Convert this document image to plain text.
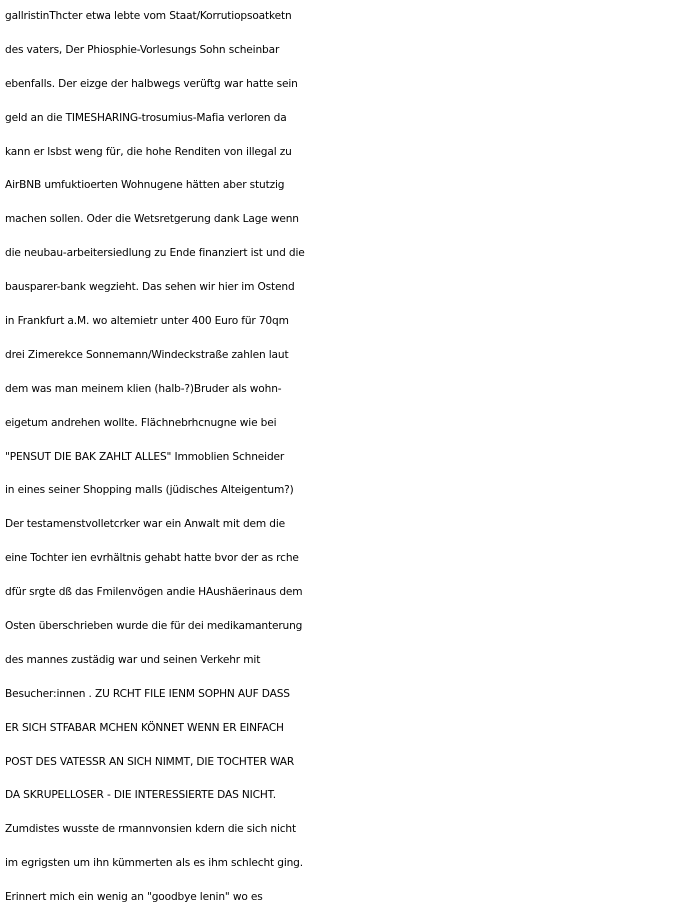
gallristinThcter etwa lebte vom Staat/Korrutiopsoatketn
des vaters, Der Phiosphie-Vorlesungs Sohn scheinbar
ebenfalls. Der eizge der halbwegs verüftg war hatte sein
geld an die TIMESHARING-trosumius-Mafia verloren da
kann er lsbst weng für, die hohe Renditen von illegal zu
AirBNB umfuktioerten Wohnugene hätten aber stutzig
machen sollen. Oder die Wetsretgerung dank Lage wenn
die neubau-arbeitersiedlung zu Ende finanziert ist und die
bausparer-bank wegzieht. Das sehen wir hier im Ostend
in Frankfurt a.M. wo altemietr unter 400 Euro für 70qm
drei Zimerekce Sonnemann/Windeckstraße zahlen laut
dem was man meinem klien (halb-?)Bruder als wohn-
eigetum andrehen wollte. Flächnebrhcnugne wie bei
"PENSUT DIE BAK ZAHLT ALLES" Immoblien Schneider
in eines seiner Shopping malls (jüdisches Alteigentum?)
Der testamenstvolletcrker war ein Anwalt mit dem die
eine Tochter ien evrhältnis gehabt hatte bvor der as rche
dfür srgte dß das Fmilenvögen andie HAushäerinaus dem
Osten überschrieben wurde die für dei medikamanterung
des mannes zustädig war und seinen Verkehr mit
Besucher:innen . ZU RCHT FILE IENM SOPHN AUF DASS
ER SICH STFABAR MCHEN KÖNNET WENN ER EINFACH
POST DES VATESSR AN SICH NIMMT, DIE TOCHTER WAR
DA SKRUPELLOSER - DIE INTERESSIERTE DAS NICHT.
Zumdistes wusste de rmannvonsien kdern die sich nicht
im egrigsten um ihn kümmerten als es ihm schlecht ging.
Erinnert mich ein wenig an "goodbye lenin" wo es
